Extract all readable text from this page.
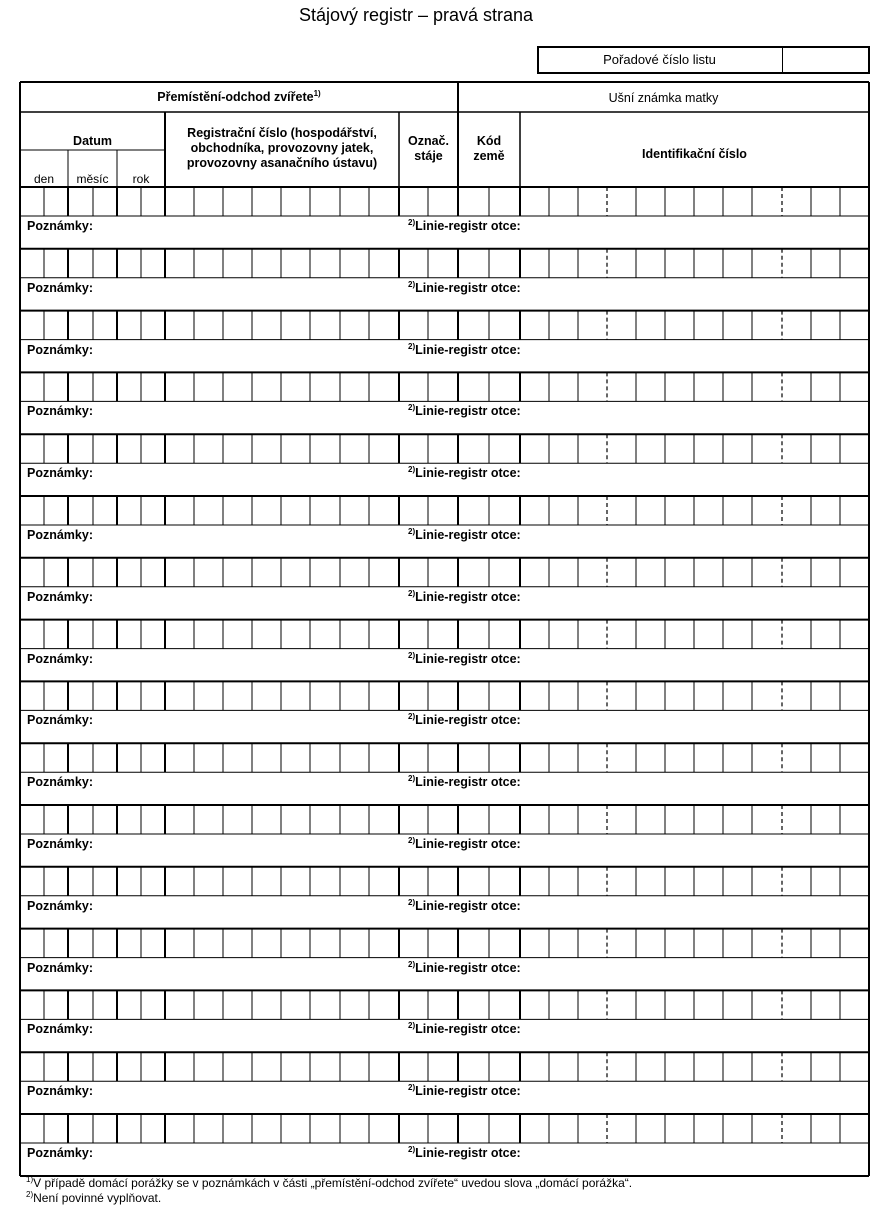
Stájový registr – pravá strana
Pořadové číslo listu
Přemístění-odchod zvířete$^{1)}$	Ušní známka matky
Datum
den	měsíc	rok
Registrační číslo (hospodářství, obchodníka, provozovny jatek, provozovny asanačního ústavu)
Označ. stáje
Kód země	Identifikační číslo
Poznámky:	$^{2)}$Linie-registr otce:
Poznámky:	$^{2)}$Linie-registr otce:
Poznámky:	$^{2)}$Linie-registr otce:
Poznámky:	$^{2)}$Linie-registr otce:
Poznámky:	$^{2)}$Linie-registr otce:
Poznámky:	$^{2)}$Linie-registr otce:
Poznámky:	$^{2)}$Linie-registr otce:
Poznámky:	$^{2)}$Linie-registr otce:
Poznámky:	$^{2)}$Linie-registr otce:
Poznámky:	$^{2)}$Linie-registr otce:
Poznámky:	$^{2)}$Linie-registr otce:
Poznámky:	$^{2)}$Linie-registr otce:
Poznámky:	$^{2)}$Linie-registr otce:
Poznámky:	$^{2)}$Linie-registr otce:
Poznámky:	$^{2)}$Linie-registr otce:
Poznámky:	$^{2)}$Linie-registr otce:
$^{1)}$V případě domácí porážky se v poznámkách v části „přemístění-odchod zvířete“ uvedou slova „domácí porážka“.
$^{2)}$Není povinné vyplňovat.
